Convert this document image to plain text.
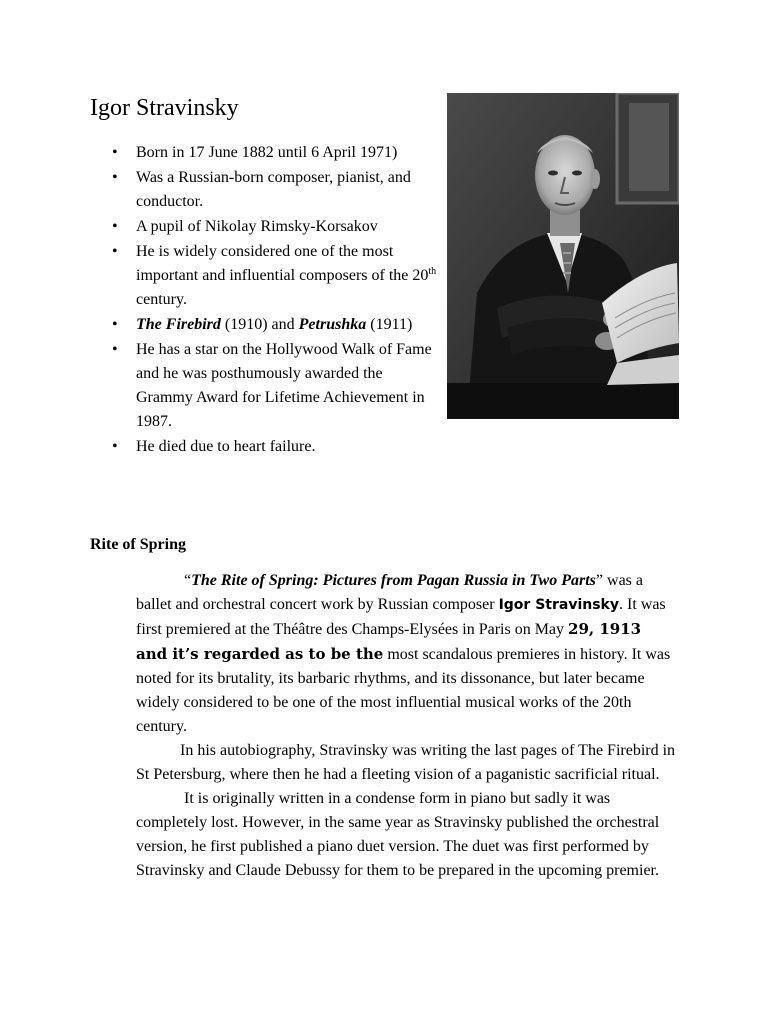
Igor Stravinsky
• Born in 17 June 1882 until 6 April 1971)
• Was a Russian-born composer, pianist, and conductor.
• A pupil of Nikolay Rimsky-Korsakov
• He is widely considered one of the most important and influential composers of the 20th century.
• The Firebird (1910) and Petrushka (1911)
• He has a star on the Hollywood Walk of Fame and he was posthumously awarded the Grammy Award for Lifetime Achievement in 1987.
• He died due to heart failure.
Rite of Spring

“The Rite of Spring: Pictures from Pagan Russia in Two Parts” was a ballet and orchestral concert work by Russian composer Igor Stravinsky. It was first premiered at the Théâtre des Champs-Elysées in Paris on May 29, 1913 and it’s regarded as to be the most scandalous premieres in history. It was noted for its brutality, its barbaric rhythms, and its dissonance, but later became widely considered to be one of the most influential musical works of the 20th century.

In his autobiography, Stravinsky was writing the last pages of The Firebird in St Petersburg, where then he had a fleeting vision of a paganistic sacrificial ritual.

It is originally written in a condense form in piano but sadly it was completely lost. However, in the same year as Stravinsky published the orchestral version, he first published a piano duet version. The duet was first performed by Stravinsky and Claude Debussy for them to be prepared in the upcoming premier.
